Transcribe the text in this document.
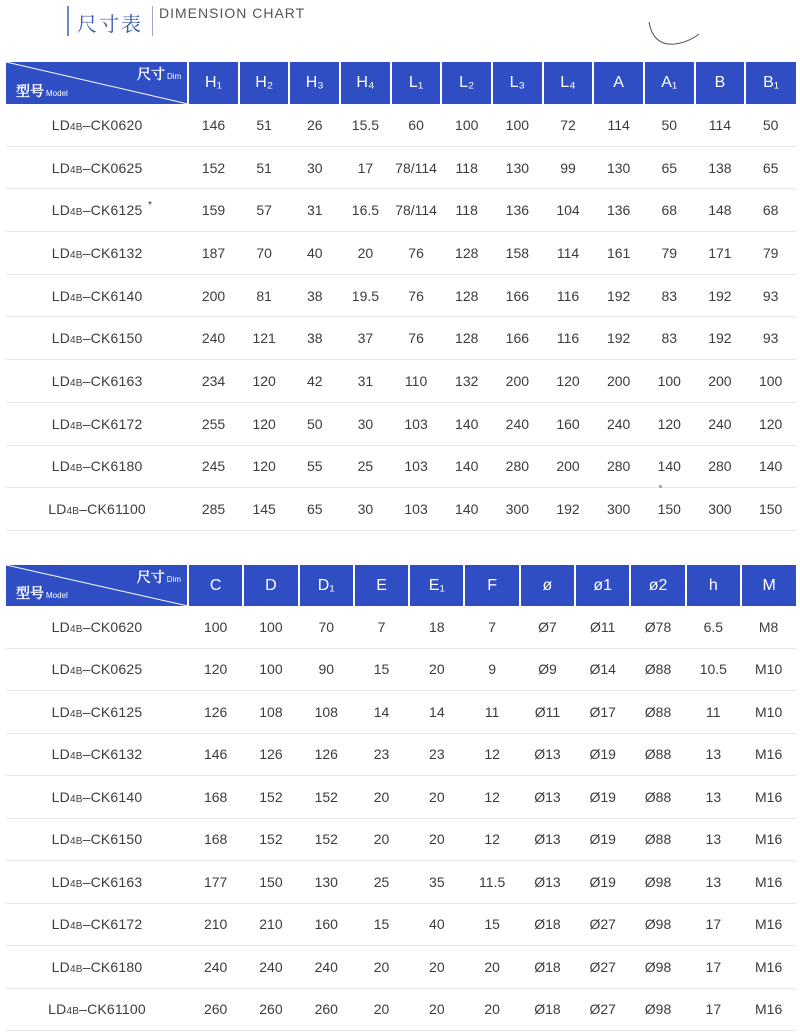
尺寸表 DIMENSION CHART
尺寸 Dim
型号 Model	H₁	H₂	H₃	H₄	L₁	L₂	L₃	L₄	A	A₁	B	B₁
LD4B–CK0620	146	51	26	15.5	60	100	100	72	114	50	114	50
LD4B–CK0625	152	51	30	17	78/114	118	130	99	130	65	138	65
LD4B–CK6125	159	57	31	16.5	78/114	118	136	104	136	68	148	68
LD4B–CK6132	187	70	40	20	76	128	158	114	161	79	171	79
LD4B–CK6140	200	81	38	19.5	76	128	166	116	192	83	192	93
LD4B–CK6150	240	121	38	37	76	128	166	116	192	83	192	93
LD4B–CK6163	234	120	42	31	110	132	200	120	200	100	200	100
LD4B–CK6172	255	120	50	30	103	140	240	160	240	120	240	120
LD4B–CK6180	245	120	55	25	103	140	280	200	280	140	280	140
LD4B–CK61100	285	145	65	30	103	140	300	192	300	150	300	150
尺寸 Dim
型号 Model	C	D	D₁	E	E₁	F	ø	ø1	ø2	h	M
LD4B–CK0620	100	100	70	7	18	7	Ø7	Ø11	Ø78	6.5	M8
LD4B–CK0625	120	100	90	15	20	9	Ø9	Ø14	Ø88	10.5	M10
LD4B–CK6125	126	108	108	14	14	11	Ø11	Ø17	Ø88	11	M10
LD4B–CK6132	146	126	126	23	23	12	Ø13	Ø19	Ø88	13	M16
LD4B–CK6140	168	152	152	20	20	12	Ø13	Ø19	Ø88	13	M16
LD4B–CK6150	168	152	152	20	20	12	Ø13	Ø19	Ø88	13	M16
LD4B–CK6163	177	150	130	25	35	11.5	Ø13	Ø19	Ø98	13	M16
LD4B–CK6172	210	210	160	15	40	15	Ø18	Ø27	Ø98	17	M16
LD4B–CK6180	240	240	240	20	20	20	Ø18	Ø27	Ø98	17	M16
LD4B–CK61100	260	260	260	20	20	20	Ø18	Ø27	Ø98	17	M16
*
